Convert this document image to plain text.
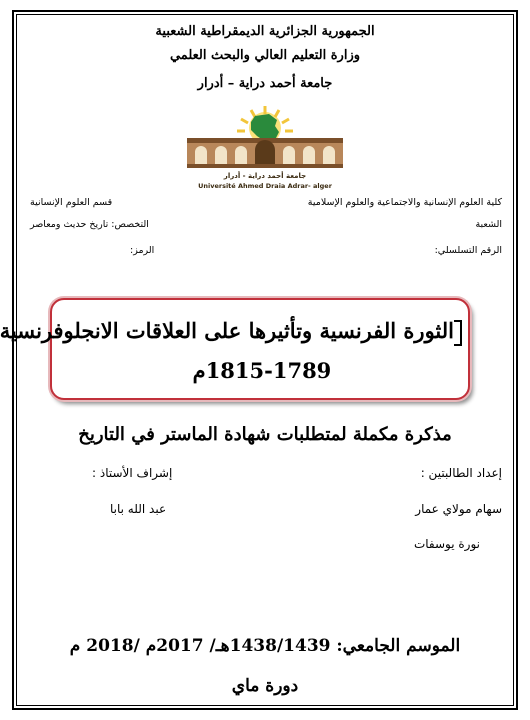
الجمهورية الجزائرية الديمقراطية الشعبية
وزارة التعليم العالي والبحث العلمي
جامعة أحمد دراية – أدرار
جامعة أحمد دراية - أدرار
Université Ahmed Draia Adrar- alger
كلية العلوم الإنسانية والاجتماعية والعلوم الإسلامية
قسم العلوم الإنسانية
الشعبة
التخصص: تاريخ حديث ومعاصر
الرقم التسلسلي:
الرمز:
الثورة الفرنسية وتأثيرها على العلاقات الانجلوفرنسية
1815-1789م
مذكرة مكملة لمتطلبات شهادة الماستر في التاريخ
إعداد الطالبتين :
إشراف الأستاذ :
سهام مولاي عمار
عبد الله بابا
نورة يوسفات
الموسم الجامعي: 1438/1439هـ/ 2017م /2018 م
دورة ماي
